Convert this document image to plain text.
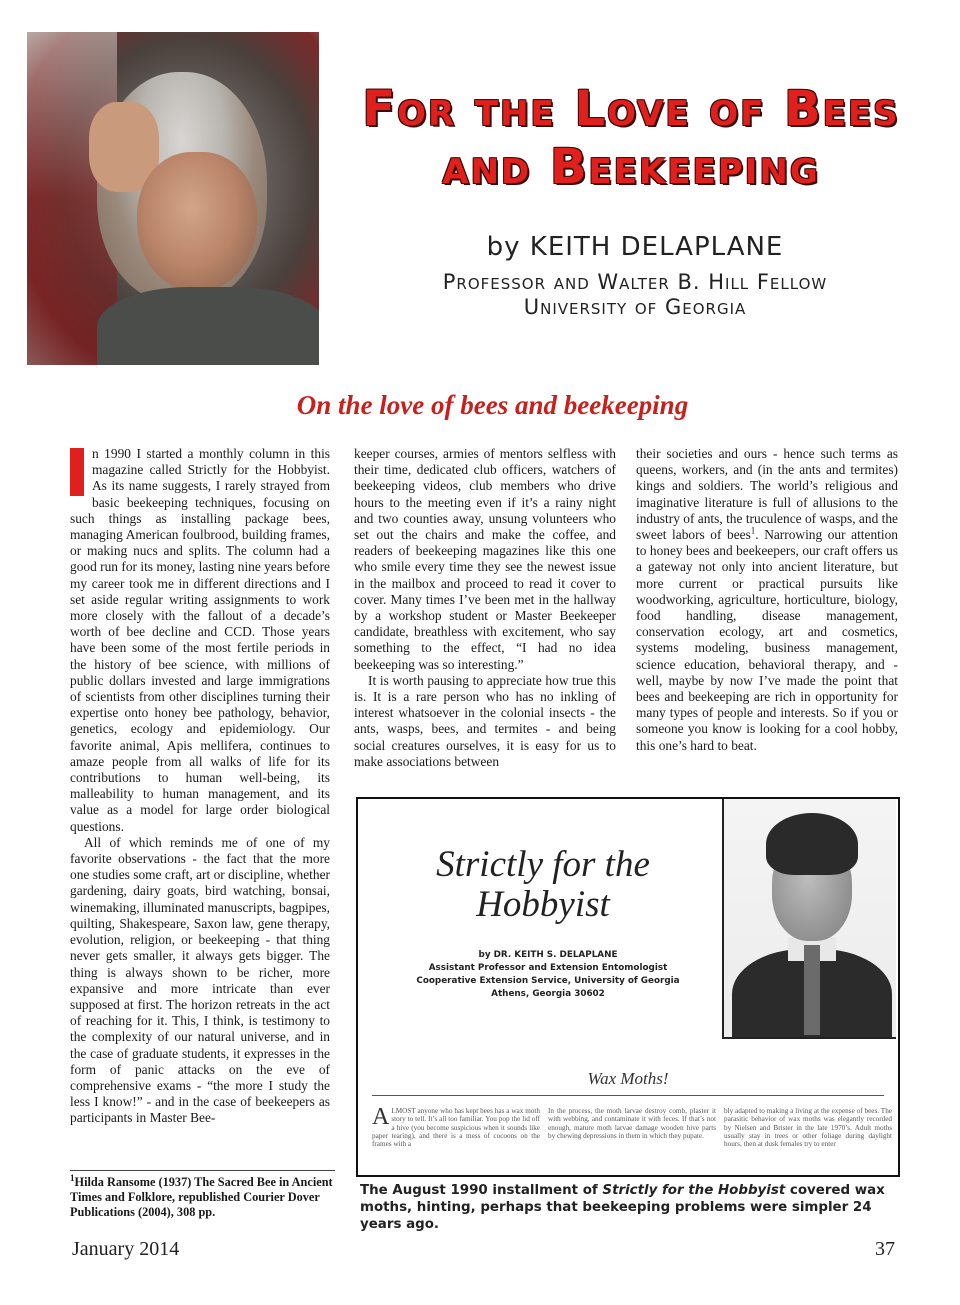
For the Love of Bees
and Beekeeping
by KEITH DELAPLANE
Professor and Walter B. Hill Fellow
University of Georgia
On the love of bees and beekeeping

n 1990 I started a monthly column in this magazine called Strictly for the Hobbyist. As its name suggests, I rarely strayed from basic beekeeping techniques, focusing on such things as installing package bees, managing American foulbrood, building frames, or making nucs and splits. The column had a good run for its money, lasting nine years before my career took me in different directions and I set aside regular writing assignments to work more closely with the fallout of a decade’s worth of bee decline and CCD. Those years have been some of the most fertile periods in the history of bee science, with millions of public dollars invested and large immigrations of scientists from other disciplines turning their expertise onto honey bee pathology, behavior, genetics, ecology and epidemiology. Our favorite animal, Apis mellifera, continues to amaze people from all walks of life for its contributions to human well-being, its malleability to human management, and its value as a model for large order biological questions.

All of which reminds me of one of my favorite observations - the fact that the more one studies some craft, art or discipline, whether gardening, dairy goats, bird watching, bonsai, winemaking, illuminated manuscripts, bagpipes, quilting, Shakespeare, Saxon law, gene therapy, evolution, religion, or beekeeping - that thing never gets smaller, it always gets bigger. The thing is always shown to be richer, more expansive and more intricate than ever supposed at first. The horizon retreats in the act of reaching for it. This, I think, is testimony to the complexity of our natural universe, and in the case of graduate students, it expresses in the form of panic attacks on the eve of comprehensive exams - “the more I study the less I know!” - and in the case of beekeepers as participants in Master Bee-

keeper courses, armies of mentors selfless with their time, dedicated club officers, watchers of beekeeping videos, club members who drive hours to the meeting even if it’s a rainy night and two counties away, unsung volunteers who set out the chairs and make the coffee, and readers of beekeeping magazines like this one who smile every time they see the newest issue in the mailbox and proceed to read it cover to cover. Many times I’ve been met in the hallway by a workshop student or Master Beekeeper candidate, breathless with excitement, who say something to the effect, “I had no idea beekeeping was so interesting.”

It is worth pausing to appreciate how true this is. It is a rare person who has no inkling of interest whatsoever in the colonial insects - the ants, wasps, bees, and termites - and being social creatures ourselves, it is easy for us to make associations between

their societies and ours - hence such terms as queens, workers, and (in the ants and termites) kings and soldiers. The world’s religious and imaginative literature is full of allusions to the industry of ants, the truculence of wasps, and the sweet labors of bees$^1$. Narrowing our attention to honey bees and beekeepers, our craft offers us a gateway not only into ancient literature, but more current or practical pursuits like woodworking, agriculture, horticulture, biology, food handling, disease management, conservation ecology, art and cosmetics, systems modeling, business management, science education, behavioral therapy, and - well, maybe by now I’ve made the point that bees and beekeeping are rich in opportunity for many types of people and interests. So if you or someone you know is looking for a cool hobby, this one’s hard to beat.

$^1$Hilda Ransome (1937) The Sacred Bee in Ancient Times and Folklore, republished Courier Dover Publications (2004), 308 pp.
Strictly for the Hobbyist
by DR. KEITH S. DELAPLANE
Assistant Professor and Extension Entomologist
Cooperative Extension Service, University of Georgia
Athens, Georgia 30602
Wax Moths!
ALMOST anyone who has kept bees has a wax moth story to tell. It’s all too familiar. You pop the lid off a hive (you become suspicious when it sounds like paper tearing), and there is a mess of cocoons on the frames with a
In the process, the moth larvae destroy comb, plaster it with webbing, and contaminate it with feces. If that’s not enough, mature moth larvae damage wooden hive parts by chewing depressions in them in which they pupate.
bly adapted to making a living at the expense of bees. The parasitic behavior of wax moths was elegantly recorded by Nielsen and Brister in the late 1970’s. Adult moths usually stay in trees or other foliage during daylight hours, then at dusk females try to enter
The August 1990 installment of Strictly for the Hobbyist covered wax moths, hinting, perhaps that beekeeping problems were simpler 24 years ago.
January 2014	37
